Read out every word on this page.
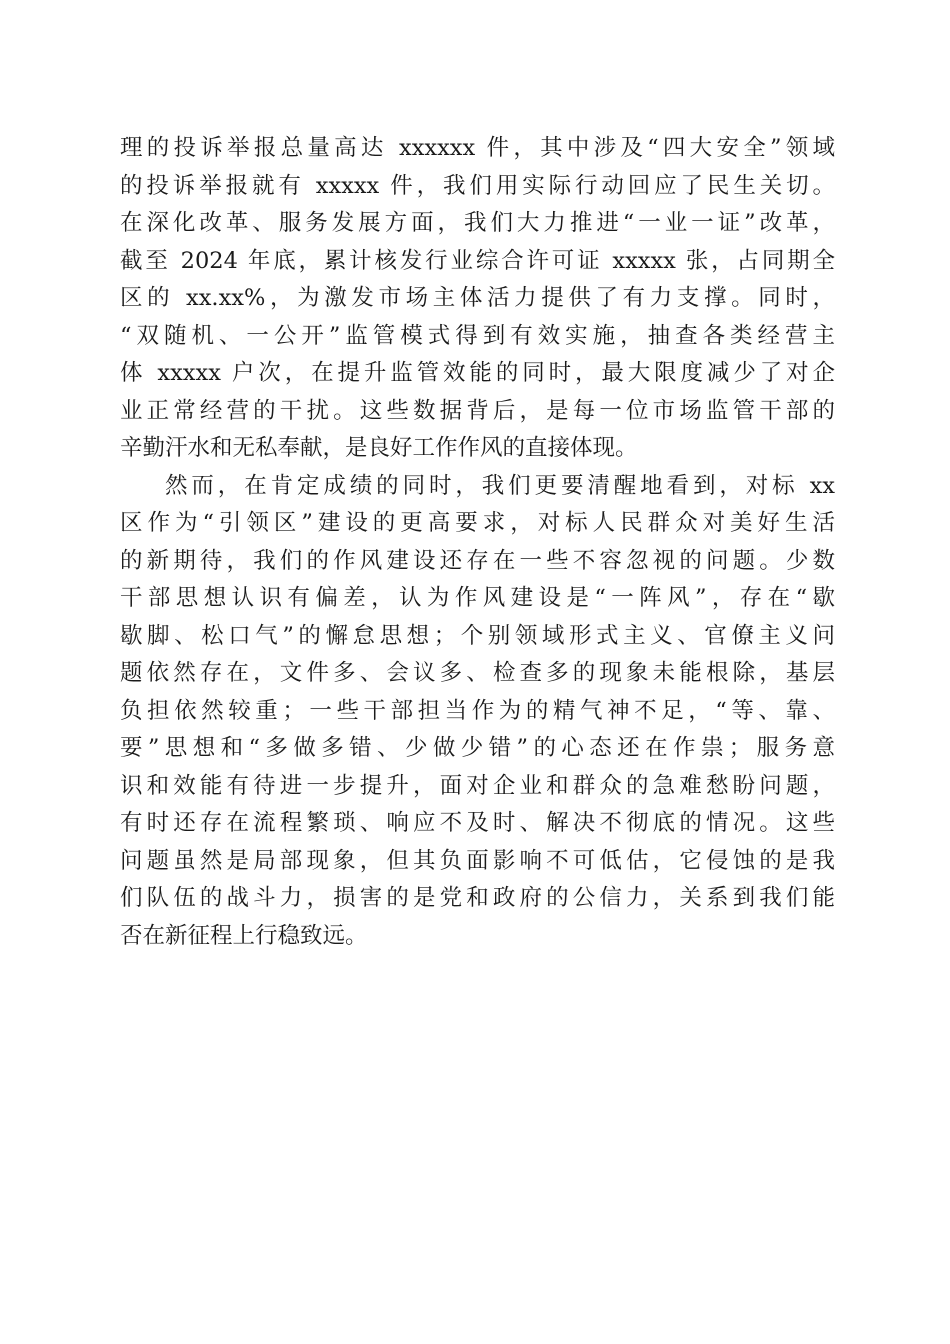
理的投诉举报总量高达 xxxxxx 件，其中涉及“四大安全”领域
的投诉举报就有 xxxxx 件，我们用实际行动回应了民生关切。
在深化改革、服务发展方面，我们大力推进“一业一证”改革，
截至 2024 年底，累计核发行业综合许可证 xxxxx 张，占同期全
区的 xx.xx%，为激发市场主体活力提供了有力支撑。同时，
“双随机、一公开”监管模式得到有效实施，抽查各类经营主
体 xxxxx 户次，在提升监管效能的同时，最大限度减少了对企
业正常经营的干扰。这些数据背后，是每一位市场监管干部的
辛勤汗水和无私奉献，是良好工作作风的直接体现。
然而，在肯定成绩的同时，我们更要清醒地看到，对标 xx
区作为“引领区”建设的更高要求，对标人民群众对美好生活
的新期待，我们的作风建设还存在一些不容忽视的问题。少数
干部思想认识有偏差，认为作风建设是“一阵风”，存在“歇
歇脚、松口气”的懈怠思想；个别领域形式主义、官僚主义问
题依然存在，文件多、会议多、检查多的现象未能根除，基层
负担依然较重；一些干部担当作为的精气神不足，“等、靠、
要”思想和“多做多错、少做少错”的心态还在作祟；服务意
识和效能有待进一步提升，面对企业和群众的急难愁盼问题，
有时还存在流程繁琐、响应不及时、解决不彻底的情况。这些
问题虽然是局部现象，但其负面影响不可低估，它侵蚀的是我
们队伍的战斗力，损害的是党和政府的公信力，关系到我们能
否在新征程上行稳致远。
